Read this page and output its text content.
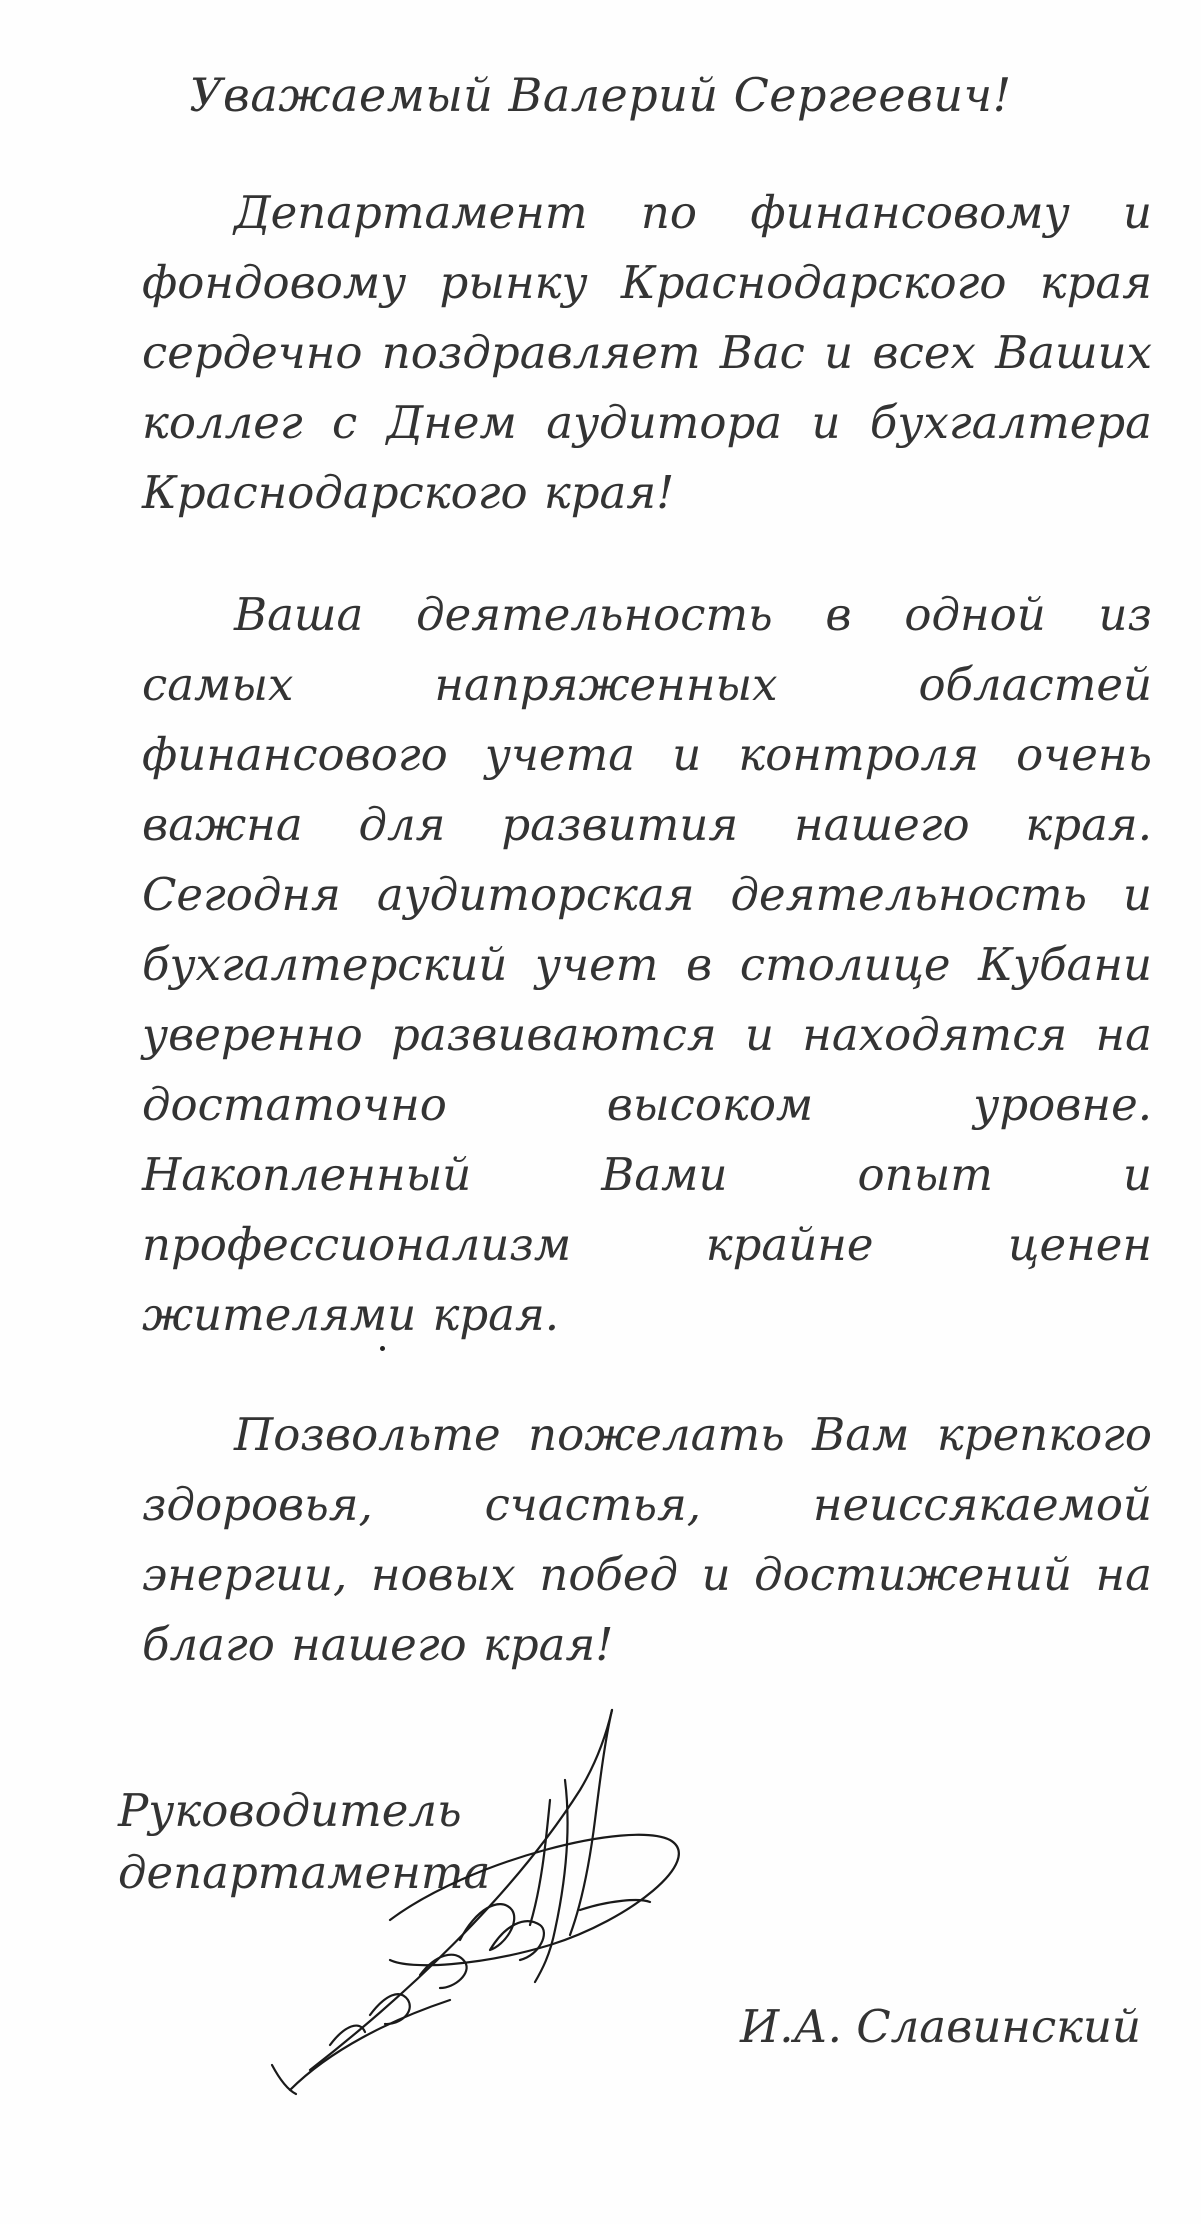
Уважаемый Валерий Сергеевич!

Департамент по финансовому и фондовому рынку Краснодарского края сердечно поздравляет Вас и всех Ваших коллег с Днем аудитора и бухгалтера Краснодарского края!

Ваша деятельность в одной из самых напряженных областей финансового учета и контроля очень важна для развития нашего края. Сегодня аудиторская деятельность и бухгалтерский учет в столице Кубани уверенно развиваются и находятся на достаточно высоком уровне. Накопленный Вами опыт и профессионализм крайне ценен жителями края.

Позвольте пожелать Вам крепкого здоровья, счастья, неиссякаемой энергии, новых побед и достижений на благо нашего края!

Руководитель
департамента

И.А. Славинский
